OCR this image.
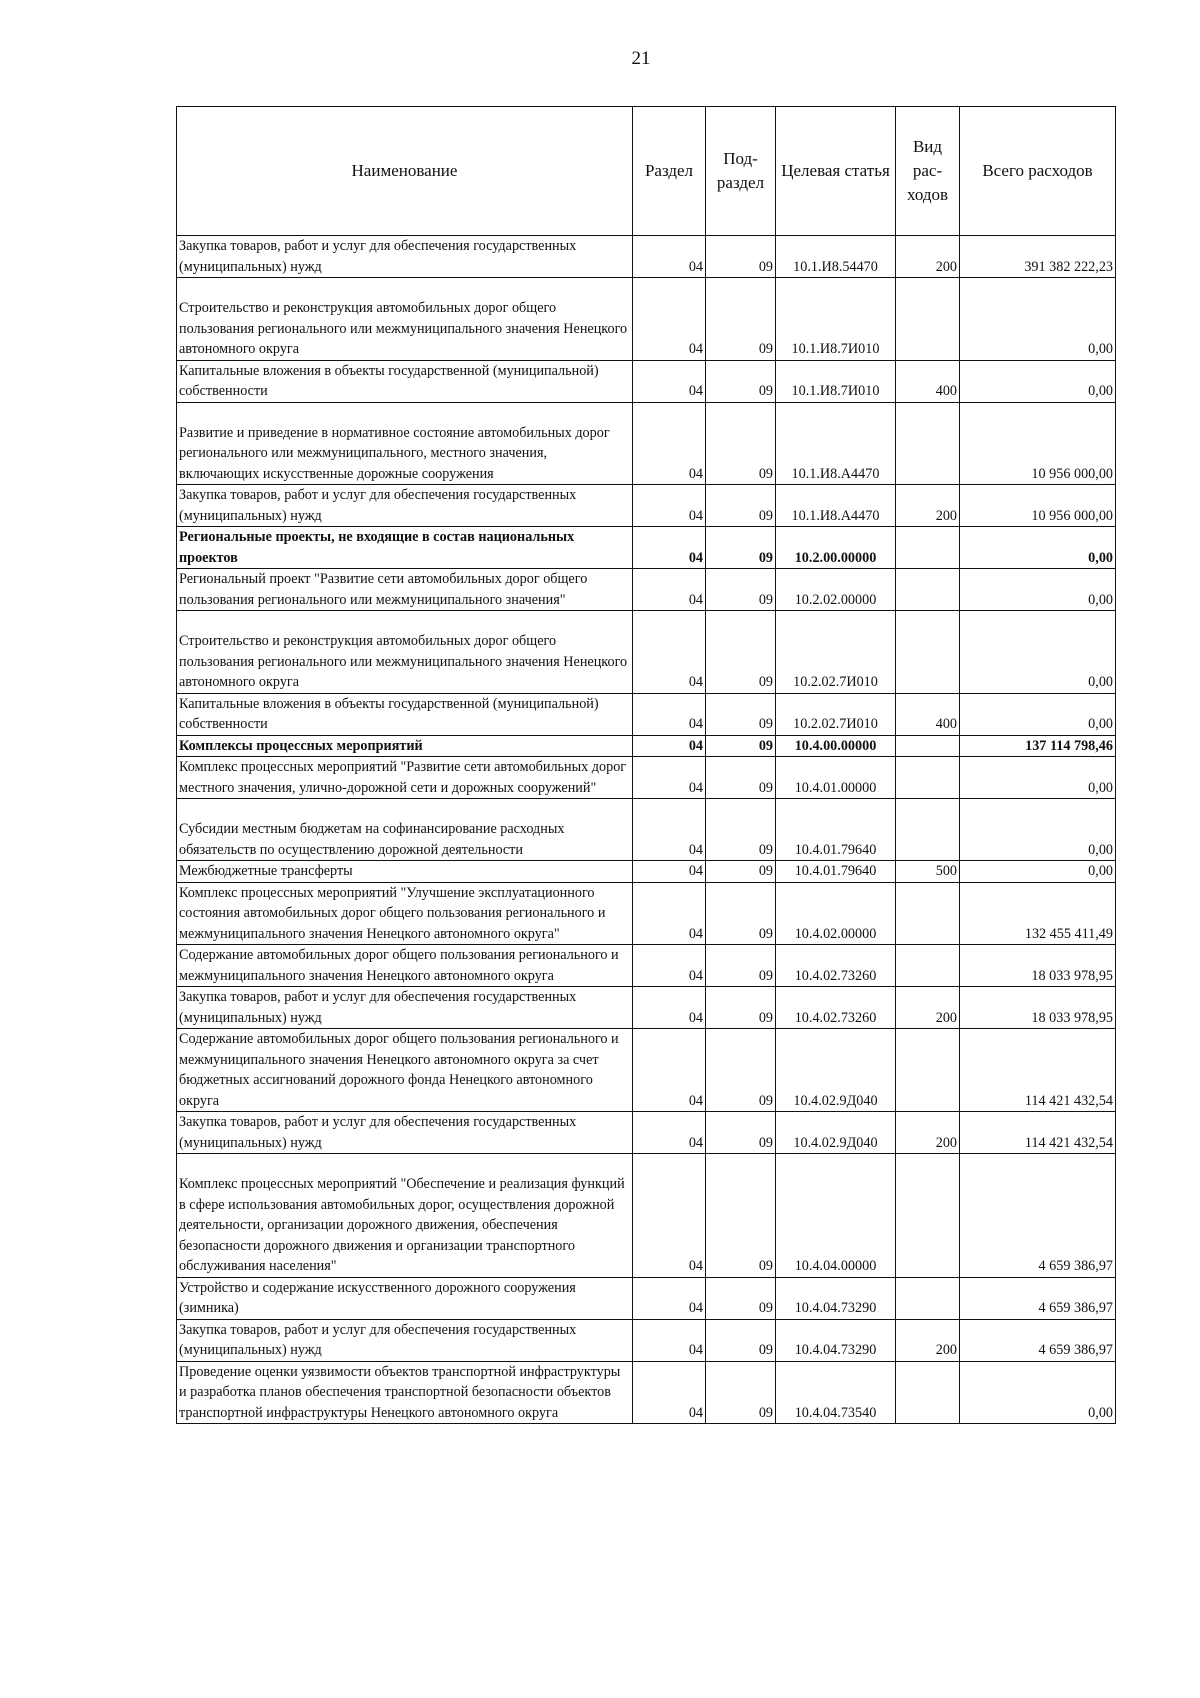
21
Наименование	Раздел	Под-раздел	Целевая статья	Вид рас-ходов	Всего расходов
Закупка товаров, работ и услуг для обеспечения государственных (муниципальных) нужд	04	09	10.1.И8.54470	200	391 382 222,23
Строительство и реконструкция автомобильных дорог общего пользования регионального или межмуниципального значения Ненецкого автономного округа	04	09	10.1.И8.7И010		0,00
Капитальные вложения в объекты государственной (муниципальной) собственности	04	09	10.1.И8.7И010	400	0,00
Развитие и приведение в нормативное состояние автомобильных дорог регионального или межмуниципального, местного значения, включающих искусственные дорожные сооружения	04	09	10.1.И8.А4470		10 956 000,00
Закупка товаров, работ и услуг для обеспечения государственных (муниципальных) нужд	04	09	10.1.И8.А4470	200	10 956 000,00
Региональные проекты, не входящие в состав национальных проектов	04	09	10.2.00.00000		0,00
Региональный проект "Развитие сети автомобильных дорог общего пользования регионального или межмуниципального значения"	04	09	10.2.02.00000		0,00
Строительство и реконструкция автомобильных дорог общего пользования регионального или межмуниципального значения Ненецкого автономного округа	04	09	10.2.02.7И010		0,00
Капитальные вложения в объекты государственной (муниципальной) собственности	04	09	10.2.02.7И010	400	0,00
Комплексы процессных мероприятий	04	09	10.4.00.00000		137 114 798,46
Комплекс процессных мероприятий "Развитие сети автомобильных дорог местного значения, улично-дорожной сети и дорожных сооружений"	04	09	10.4.01.00000		0,00
Субсидии местным бюджетам на софинансирование расходных обязательств по осуществлению дорожной деятельности	04	09	10.4.01.79640		0,00
Межбюджетные трансферты	04	09	10.4.01.79640	500	0,00
Комплекс процессных мероприятий "Улучшение эксплуатационного состояния автомобильных дорог общего пользования регионального и межмуниципального значения Ненецкого автономного округа"	04	09	10.4.02.00000		132 455 411,49
Содержание автомобильных дорог общего пользования регионального и межмуниципального значения Ненецкого автономного округа	04	09	10.4.02.73260		18 033 978,95
Закупка товаров, работ и услуг для обеспечения государственных (муниципальных) нужд	04	09	10.4.02.73260	200	18 033 978,95
Содержание автомобильных дорог общего пользования регионального и межмуниципального значения Ненецкого автономного округа за счет бюджетных ассигнований дорожного фонда Ненецкого автономного округа	04	09	10.4.02.9Д040		114 421 432,54
Закупка товаров, работ и услуг для обеспечения государственных (муниципальных) нужд	04	09	10.4.02.9Д040	200	114 421 432,54
Комплекс процессных мероприятий "Обеспечение и реализация функций в сфере использования автомобильных дорог, осуществления дорожной деятельности, организации дорожного движения, обеспечения безопасности дорожного движения и организации транспортного обслуживания населения"	04	09	10.4.04.00000		4 659 386,97
Устройство и содержание искусственного дорожного сооружения (зимника)	04	09	10.4.04.73290		4 659 386,97
Закупка товаров, работ и услуг для обеспечения государственных (муниципальных) нужд	04	09	10.4.04.73290	200	4 659 386,97
Проведение оценки уязвимости объектов транспортной инфраструктуры и разработка планов обеспечения транспортной безопасности объектов транспортной инфраструктуры Ненецкого автономного округа	04	09	10.4.04.73540		0,00
